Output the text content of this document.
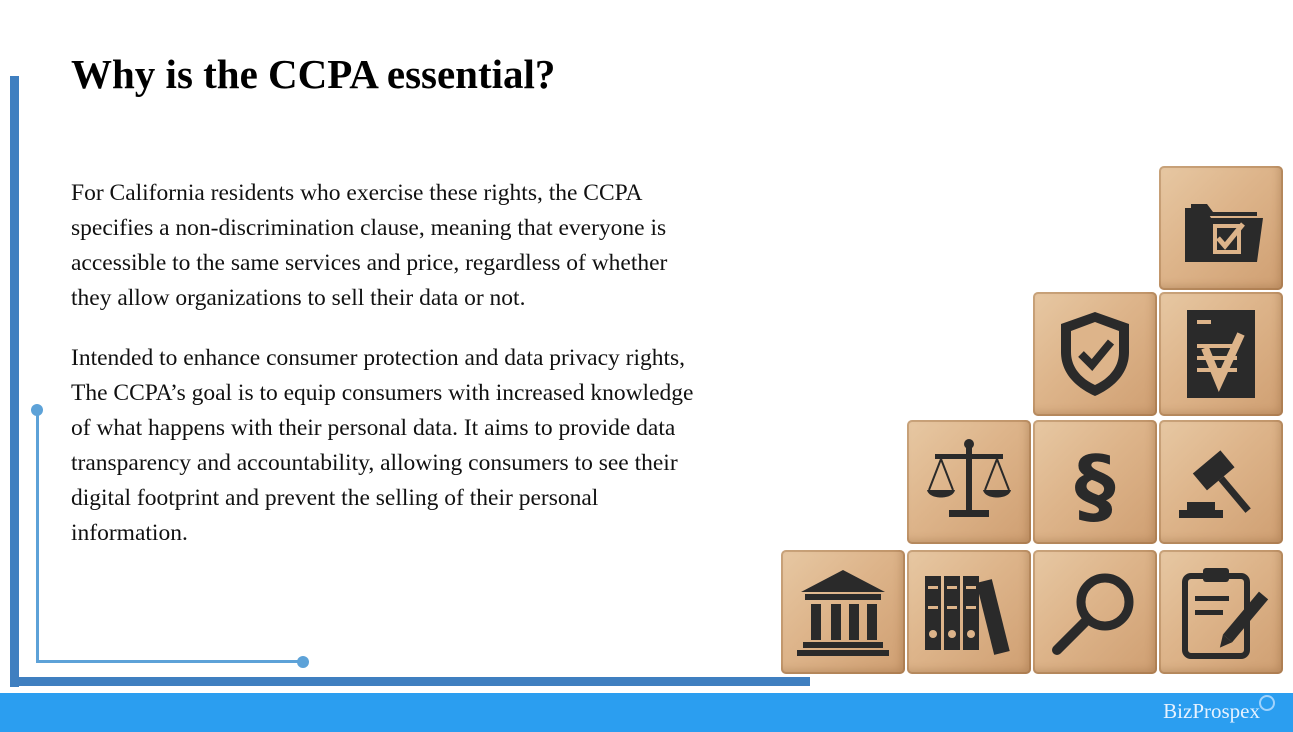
Why is the CCPA essential?

For California residents who exercise these rights, the CCPA specifies a non-discrimination clause, meaning that everyone is accessible to the same services and price, regardless of whether they allow organizations to sell their data or not.

Intended to enhance consumer protection and data privacy rights, The CCPA’s goal is to equip consumers with increased knowledge of what happens with their personal data. It aims to provide data transparency and accountability, allowing consumers to see their digital footprint and prevent the selling of their personal information.	§
BizProspex
